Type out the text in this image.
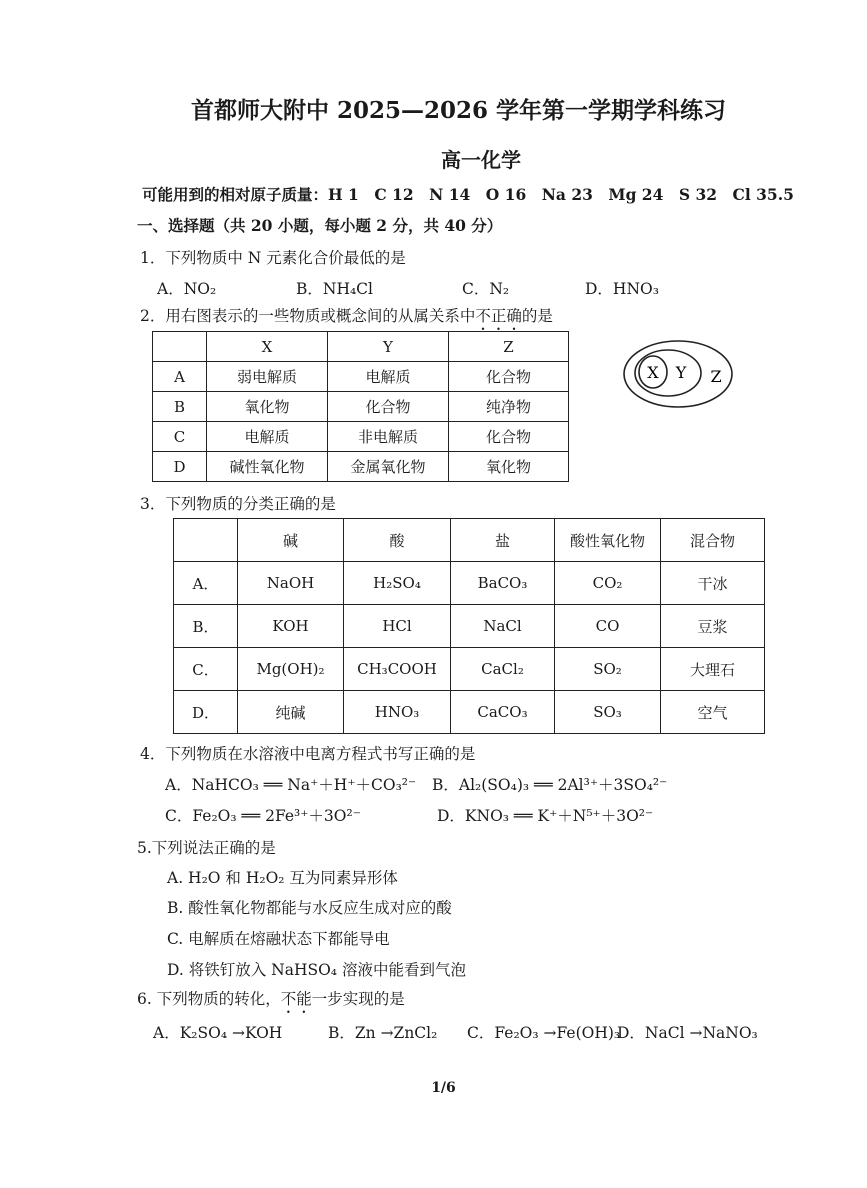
首都师大附中 2025—2026 学年第一学期学科练习
高一化学
可能用到的相对原子质量：H 1　C 12　N 14　O 16　Na 23　Mg 24　S 32　Cl 35.5
一、选择题（共 20 小题，每小题 2 分，共 40 分）
1．下列物质中 N 元素化合价最低的是
A．NO₂	B．NH₄Cl	C．N₂	D．HNO₃
2．用右图表示的一些物质或概念间的从属关系中不正确的是
	X	Y	Z
A	弱电解质	电解质	化合物
B	氧化物	化合物	纯净物
C	电解质	非电解质	化合物
D	碱性氧化物	金属氧化物	氧化物
X Y Z
3．下列物质的分类正确的是
	碱	酸	盐	酸性氧化物	混合物
A．	NaOH	H₂SO₄	BaCO₃	CO₂	干冰
B．	KOH	HCl	NaCl	CO	豆浆
C．	Mg(OH)₂	CH₃COOH	CaCl₂	SO₂	大理石
D．	纯碱	HNO₃	CaCO₃	SO₃	空气
4．下列物质在水溶液中电离方程式书写正确的是
A．NaHCO₃ ══ Na⁺＋H⁺＋CO₃²⁻ B．Al₂(SO₄)₃ ══ 2Al³⁺＋3SO₄²⁻
C．Fe₂O₃ ══ 2Fe³⁺＋3O²⁻	D．KNO₃ ══ K⁺＋N⁵⁺＋3O²⁻
5.下列说法正确的是
A. H₂O 和 H₂O₂ 互为同素异形体
B. 酸性氧化物都能与水反应生成对应的酸
C. 电解质在熔融状态下都能导电
D. 将铁钉放入 NaHSO₄ 溶液中能看到气泡
6. 下列物质的转化，不能一步实现的是
A．K₂SO₄ →KOH	B．Zn →ZnCl₂ C．Fe₂O₃ →Fe(OH)₃
D．NaCl →NaNO₃
1/6
